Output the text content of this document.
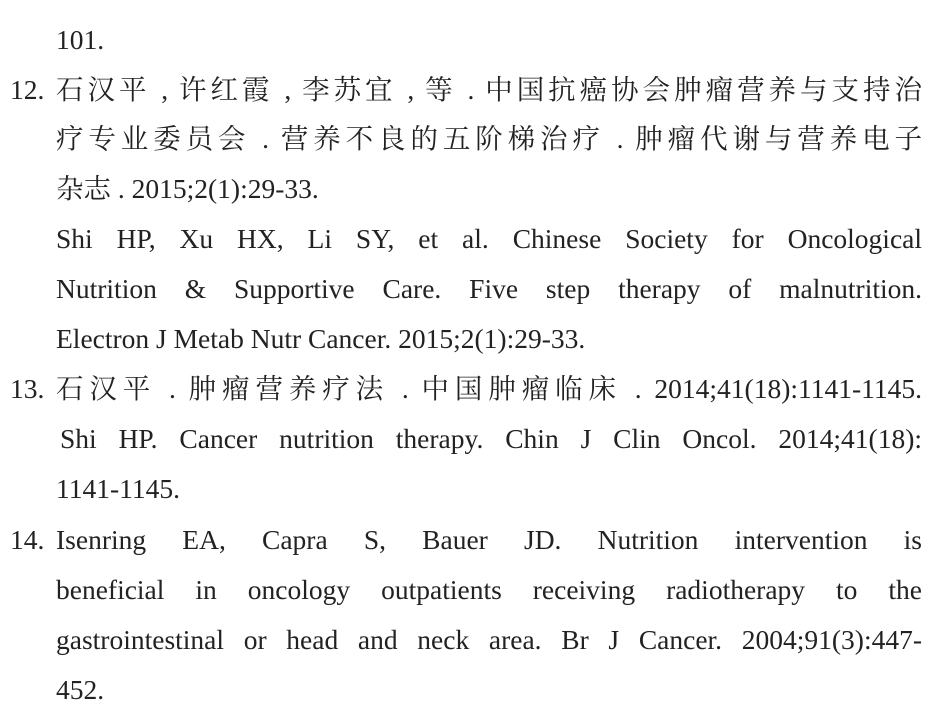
101.
12. 石汉平 , 许红霞 , 李苏宜 , 等 . 中国抗癌协会肿瘤营养与支持治
疗专业委员会 . 营养不良的五阶梯治疗 . 肿瘤代谢与营养电子
杂志 . 2015;2(1):29-33.
Shi HP, Xu HX, Li SY, et al. Chinese Society for Oncological
Nutrition & Supportive Care. Five step therapy of malnutrition.
Electron J Metab Nutr Cancer. 2015;2(1):29-33.
13. 石汉平 . 肿瘤营养疗法 . 中国肿瘤临床 . 2014;41(18):1141-1145.
Shi HP. Cancer nutrition therapy. Chin J Clin Oncol. 2014;41(18):
1141-1145.
14. Isenring EA, Capra S, Bauer JD. Nutrition intervention is
beneficial in oncology outpatients receiving radiotherapy to the
gastrointestinal or head and neck area. Br J Cancer. 2004;91(3):447-
452.
